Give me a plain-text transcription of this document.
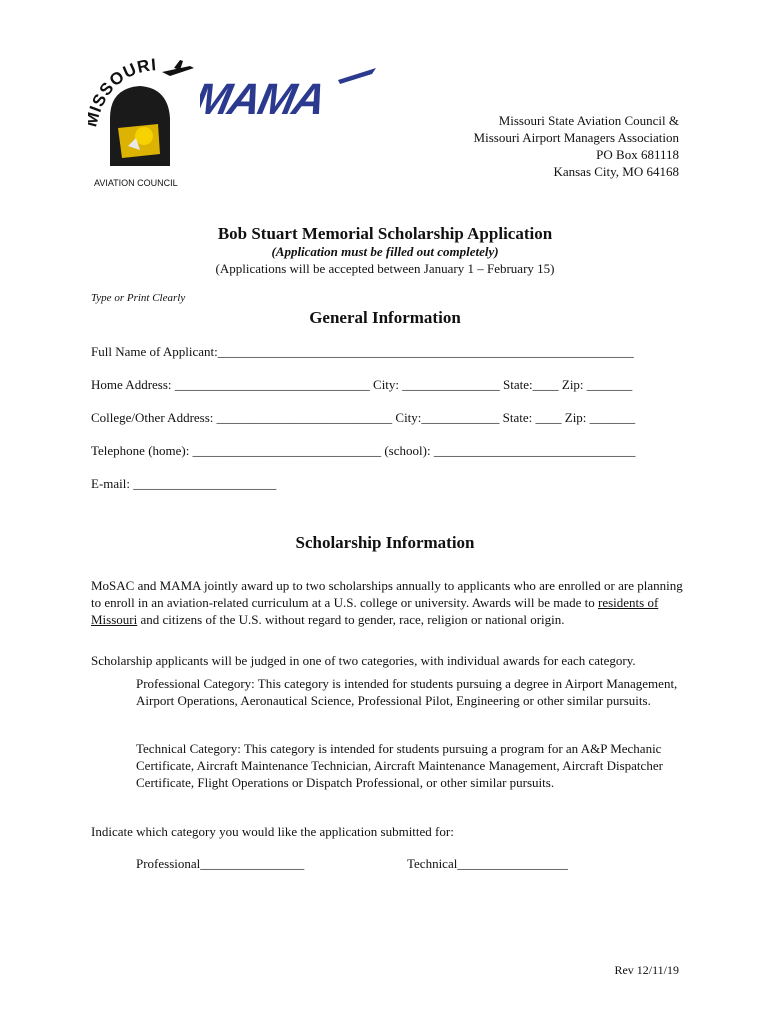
SSOURI
AVIATION COUNCIL
MAMA	Missouri State Aviation Council &
Missouri Airport Managers Association
PO Box 681118
Kansas City, MO 64168
Bob Stuart Memorial Scholarship Application
(Application must be filled out completely)
(Applications will be accepted between January 1 – February 15)
Type or Print Clearly
General Information
Full Name of Applicant:________________________________________________________________
Home Address: ______________________________ City: _______________ State:____ Zip: _______
College/Other Address: ___________________________ City:____________ State: ____ Zip: _______
Telephone (home): _____________________________ (school): _______________________________
E-mail: ______________________
Scholarship Information
MoSAC and MAMA jointly award up to two scholarships annually to applicants who are enrolled or are planning to enroll in an aviation-related curriculum at a U.S. college or university. Awards will be made to residents of Missouri and citizens of the U.S. without regard to gender, race, religion or national origin.
Scholarship applicants will be judged in one of two categories, with individual awards for each category.
Professional Category: This category is intended for students pursuing a degree in Airport Management, Airport Operations, Aeronautical Science, Professional Pilot, Engineering or other similar pursuits.
Technical Category: This category is intended for students pursuing a program for an A&P Mechanic Certificate, Aircraft Maintenance Technician, Aircraft Maintenance Management, Aircraft Dispatcher Certificate, Flight Operations or Dispatch Professional, or other similar pursuits.
Indicate which category you would like the application submitted for:
Professional________________	Technical_________________
Rev 12/11/19
